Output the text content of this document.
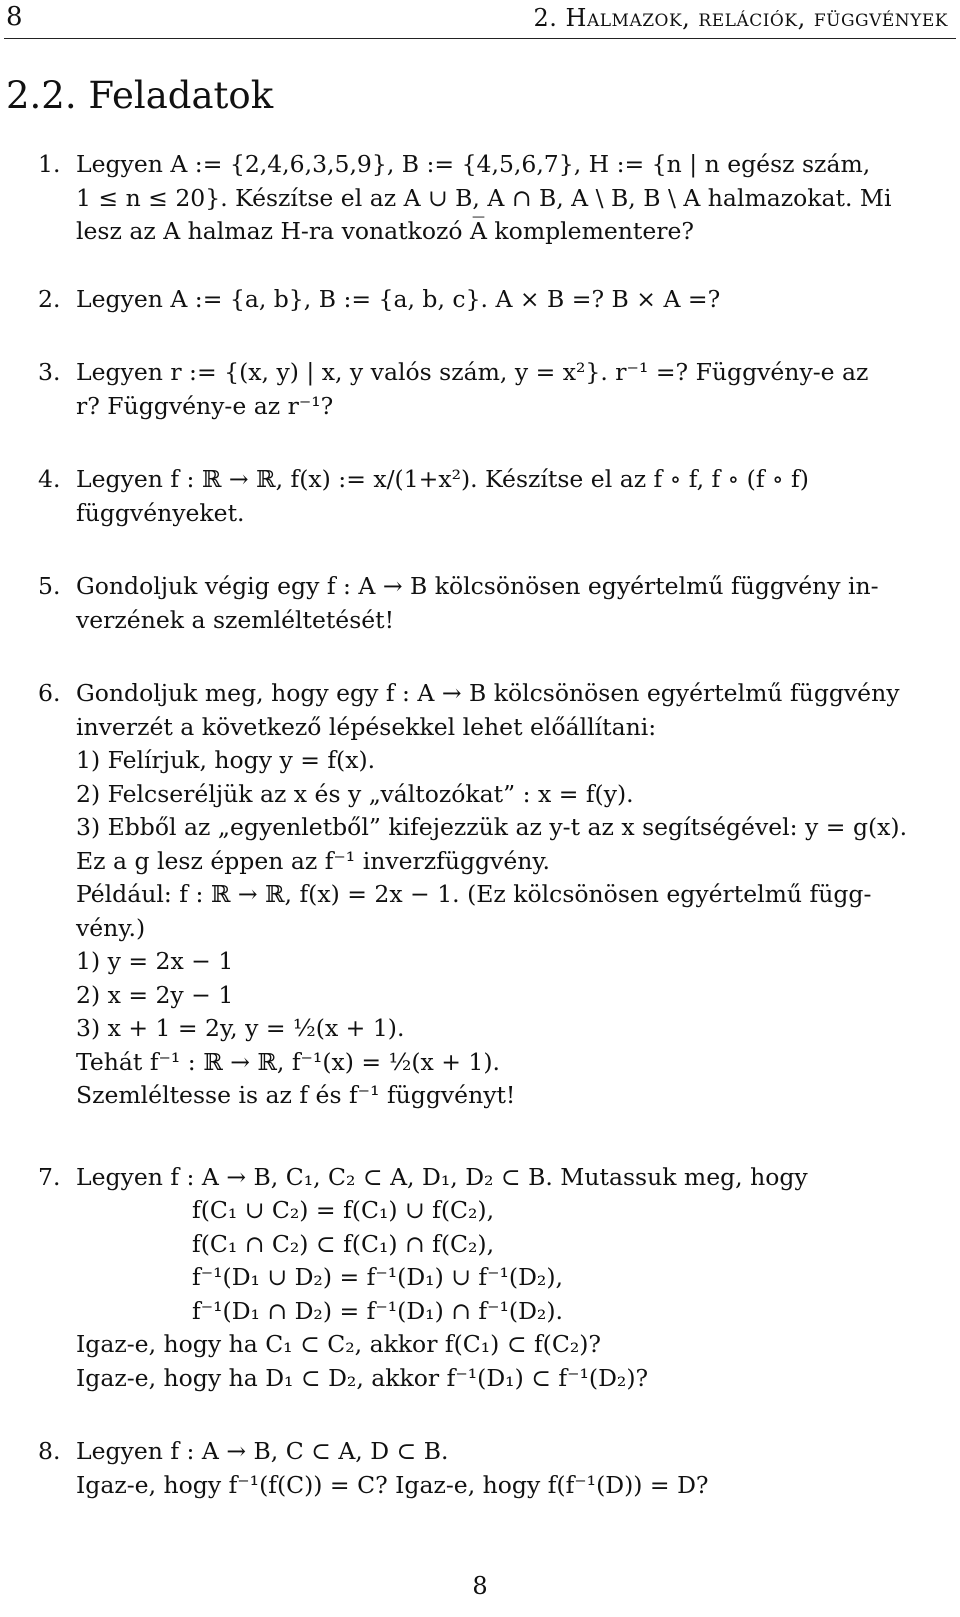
8	2. Halmazok, relációk, függvények
2.2. Feladatok
1. Legyen A := {2,4,6,3,5,9}, B := {4,5,6,7}, H := {n | n egész szám,
1 ≤ n ≤ 20}. Készítse el az A ∪ B, A ∩ B, A \ B, B \ A halmazokat. Mi
lesz az A halmaz H-ra vonatkozó A̅ komplementere?
2. Legyen A := {a, b}, B := {a, b, c}. A × B =? B × A =?
3. Legyen r := {(x, y) | x, y valós szám, y = x²}. r⁻¹ =? Függvény-e az
r? Függvény-e az r⁻¹?
4. Legyen f : ℝ → ℝ, f(x) := x/(1+x²). Készítse el az f ∘ f, f ∘ (f ∘ f)
függvényeket.
5. Gondoljuk végig egy f : A → B kölcsönösen egyértelmű függvény in-
verzének a szemléltetését!
6. Gondoljuk meg, hogy egy f : A → B kölcsönösen egyértelmű függvény
inverzét a következő lépésekkel lehet előállítani:
1) Felírjuk, hogy y = f(x).
2) Felcseréljük az x és y „változókat” : x = f(y).
3) Ebből az „egyenletből” kifejezzük az y-t az x segítségével: y = g(x).
Ez a g lesz éppen az f⁻¹ inverzfüggvény.
Például: f : ℝ → ℝ, f(x) = 2x − 1. (Ez kölcsönösen egyértelmű függ-
vény.)
1) y = 2x − 1
2) x = 2y − 1
3) x + 1 = 2y, y = ½(x + 1).
Tehát f⁻¹ : ℝ → ℝ, f⁻¹(x) = ½(x + 1).
Szemléltesse is az f és f⁻¹ függvényt!
7. Legyen f : A → B, C₁, C₂ ⊂ A, D₁, D₂ ⊂ B. Mutassuk meg, hogy
f(C₁ ∪ C₂) = f(C₁) ∪ f(C₂),
f(C₁ ∩ C₂) ⊂ f(C₁) ∩ f(C₂),
f⁻¹(D₁ ∪ D₂) = f⁻¹(D₁) ∪ f⁻¹(D₂),
f⁻¹(D₁ ∩ D₂) = f⁻¹(D₁) ∩ f⁻¹(D₂).
Igaz-e, hogy ha C₁ ⊂ C₂, akkor f(C₁) ⊂ f(C₂)?
Igaz-e, hogy ha D₁ ⊂ D₂, akkor f⁻¹(D₁) ⊂ f⁻¹(D₂)?
8. Legyen f : A → B, C ⊂ A, D ⊂ B.
Igaz-e, hogy f⁻¹(f(C)) = C? Igaz-e, hogy f(f⁻¹(D)) = D?
8
